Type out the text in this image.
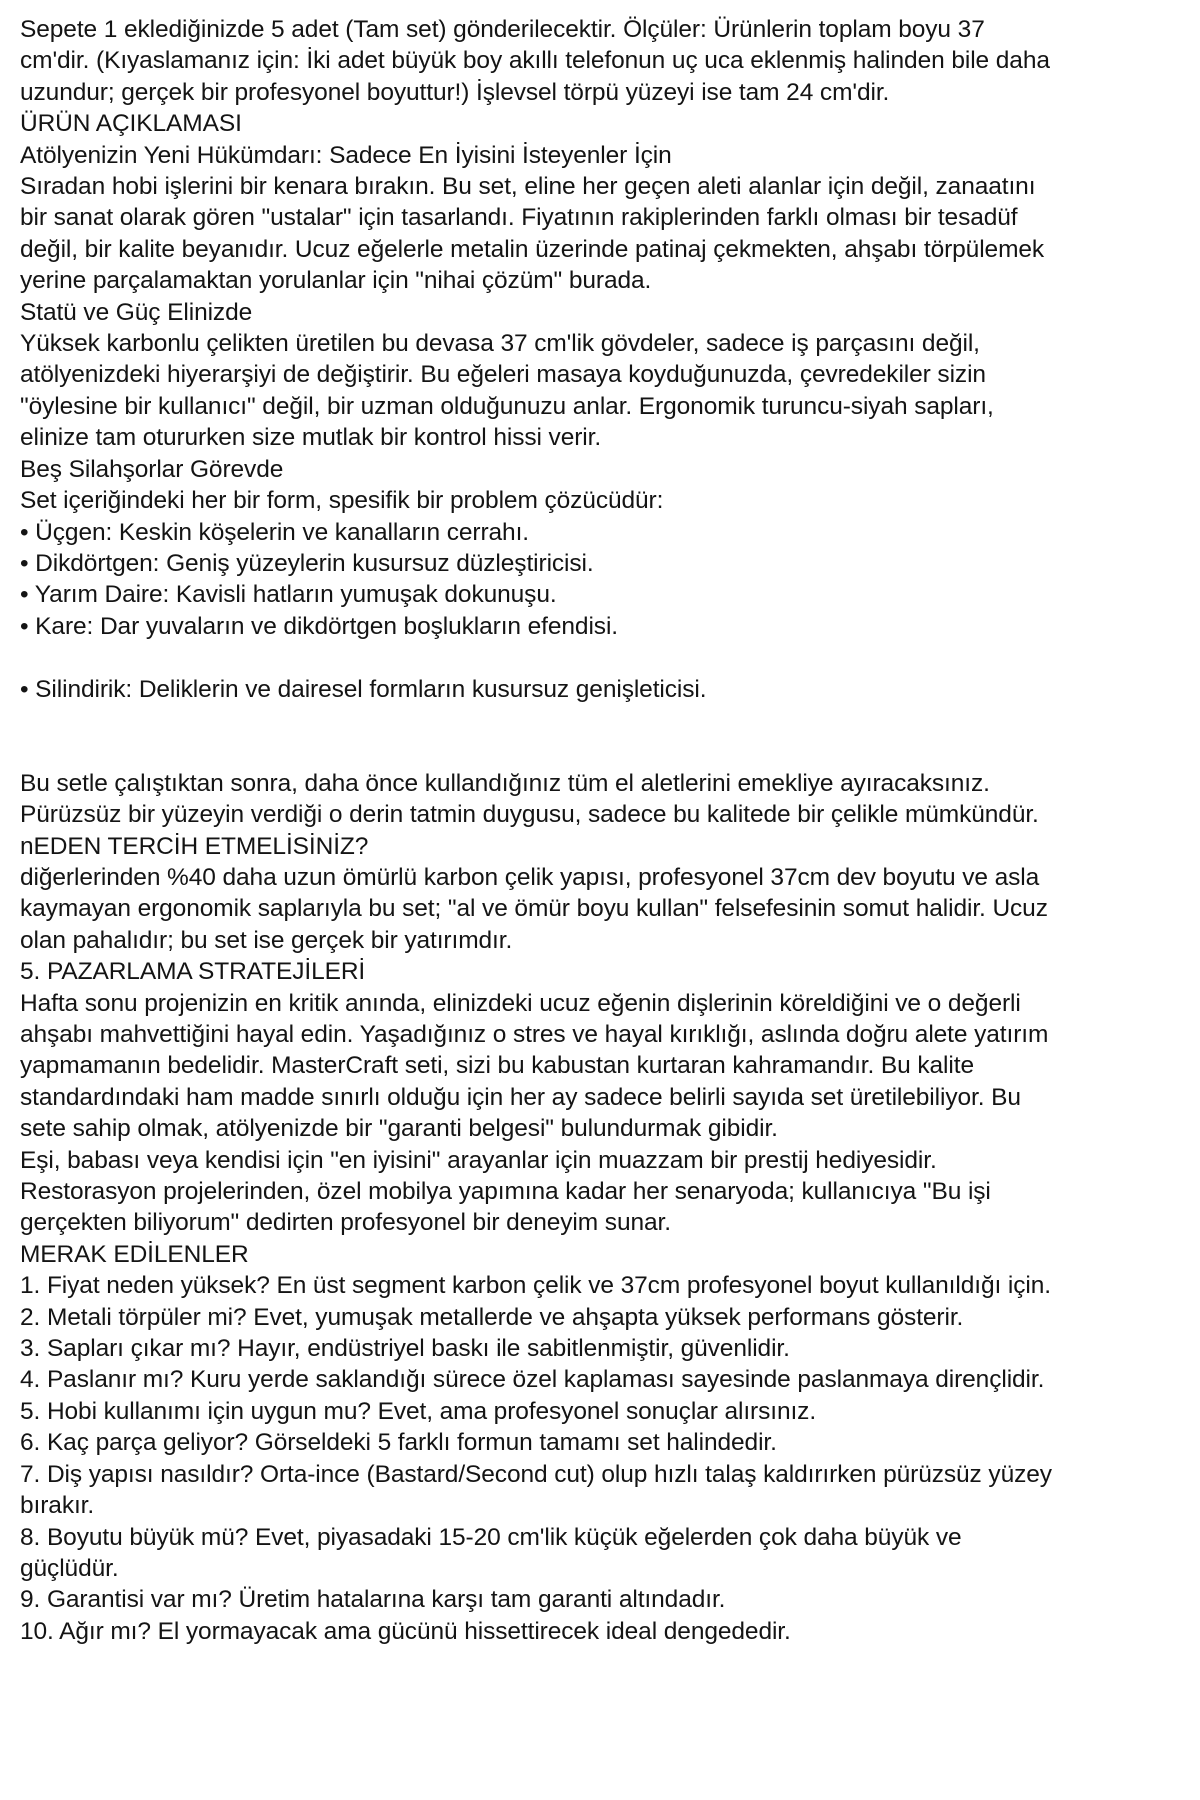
Sepete 1 eklediğinizde 5 adet (Tam set) gönderilecektir. Ölçüler: Ürünlerin toplam boyu 37 cm'dir. (Kıyaslamanız için: İki adet büyük boy akıllı telefonun uç uca eklenmiş halinden bile daha uzundur; gerçek bir profesyonel boyuttur!) İşlevsel törpü yüzeyi ise tam 24 cm'dir.

ÜRÜN AÇIKLAMASI

Atölyenizin Yeni Hükümdarı: Sadece En İyisini İsteyenler İçin

Sıradan hobi işlerini bir kenara bırakın. Bu set, eline her geçen aleti alanlar için değil, zanaatını bir sanat olarak gören "ustalar" için tasarlandı. Fiyatının rakiplerinden farklı olması bir tesadüf değil, bir kalite beyanıdır. Ucuz eğelerle metalin üzerinde patinaj çekmekten, ahşabı törpülemek yerine parçalamaktan yorulanlar için "nihai çözüm" burada.

Statü ve Güç Elinizde

Yüksek karbonlu çelikten üretilen bu devasa 37 cm'lik gövdeler, sadece iş parçasını değil, atölyenizdeki hiyerarşiyi de değiştirir. Bu eğeleri masaya koyduğunuzda, çevredekiler sizin "öylesine bir kullanıcı" değil, bir uzman olduğunuzu anlar. Ergonomik turuncu-siyah sapları, elinize tam otururken size mutlak bir kontrol hissi verir.

Beş Silahşorlar Görevde

Set içeriğindeki her bir form, spesifik bir problem çözücüdür:

• Üçgen: Keskin köşelerin ve kanalların cerrahı.

• Dikdörtgen: Geniş yüzeylerin kusursuz düzleştiricisi.

• Yarım Daire: Kavisli hatların yumuşak dokunuşu.

• Kare: Dar yuvaların ve dikdörtgen boşlukların efendisi.

• Silindirik: Deliklerin ve dairesel formların kusursuz genişleticisi.

Bu setle çalıştıktan sonra, daha önce kullandığınız tüm el aletlerini emekliye ayıracaksınız. Pürüzsüz bir yüzeyin verdiği o derin tatmin duygusu, sadece bu kalitede bir çelikle mümkündür.

nEDEN TERCİH ETMELİSİNİZ?

diğerlerinden %40 daha uzun ömürlü karbon çelik yapısı, profesyonel 37cm dev boyutu ve asla kaymayan ergonomik saplarıyla bu set; "al ve ömür boyu kullan" felsefesinin somut halidir. Ucuz olan pahalıdır; bu set ise gerçek bir yatırımdır.

5. PAZARLAMA STRATEJİLERİ

Hafta sonu projenizin en kritik anında, elinizdeki ucuz eğenin dişlerinin köreldiğini ve o değerli ahşabı mahvettiğini hayal edin. Yaşadığınız o stres ve hayal kırıklığı, aslında doğru alete yatırım yapmamanın bedelidir. MasterCraft seti, sizi bu kabustan kurtaran kahramandır. Bu kalite standardındaki ham madde sınırlı olduğu için her ay sadece belirli sayıda set üretilebiliyor. Bu sete sahip olmak, atölyenizde bir "garanti belgesi" bulundurmak gibidir.

Eşi, babası veya kendisi için "en iyisini" arayanlar için muazzam bir prestij hediyesidir. Restorasyon projelerinden, özel mobilya yapımına kadar her senaryoda; kullanıcıya "Bu işi gerçekten biliyorum" dedirten profesyonel bir deneyim sunar.

MERAK EDİLENLER

1. Fiyat neden yüksek? En üst segment karbon çelik ve 37cm profesyonel boyut kullanıldığı için.

2. Metali törpüler mi? Evet, yumuşak metallerde ve ahşapta yüksek performans gösterir.

3. Sapları çıkar mı? Hayır, endüstriyel baskı ile sabitlenmiştir, güvenlidir.

4. Paslanır mı? Kuru yerde saklandığı sürece özel kaplaması sayesinde paslanmaya dirençlidir.

5. Hobi kullanımı için uygun mu? Evet, ama profesyonel sonuçlar alırsınız.

6. Kaç parça geliyor? Görseldeki 5 farklı formun tamamı set halindedir.

7. Diş yapısı nasıldır? Orta-ince (Bastard/Second cut) olup hızlı talaş kaldırırken pürüzsüz yüzey bırakır.

8. Boyutu büyük mü? Evet, piyasadaki 15-20 cm'lik küçük eğelerden çok daha büyük ve güçlüdür.

9. Garantisi var mı? Üretim hatalarına karşı tam garanti altındadır.

10. Ağır mı? El yormayacak ama gücünü hissettirecek ideal dengededir.
